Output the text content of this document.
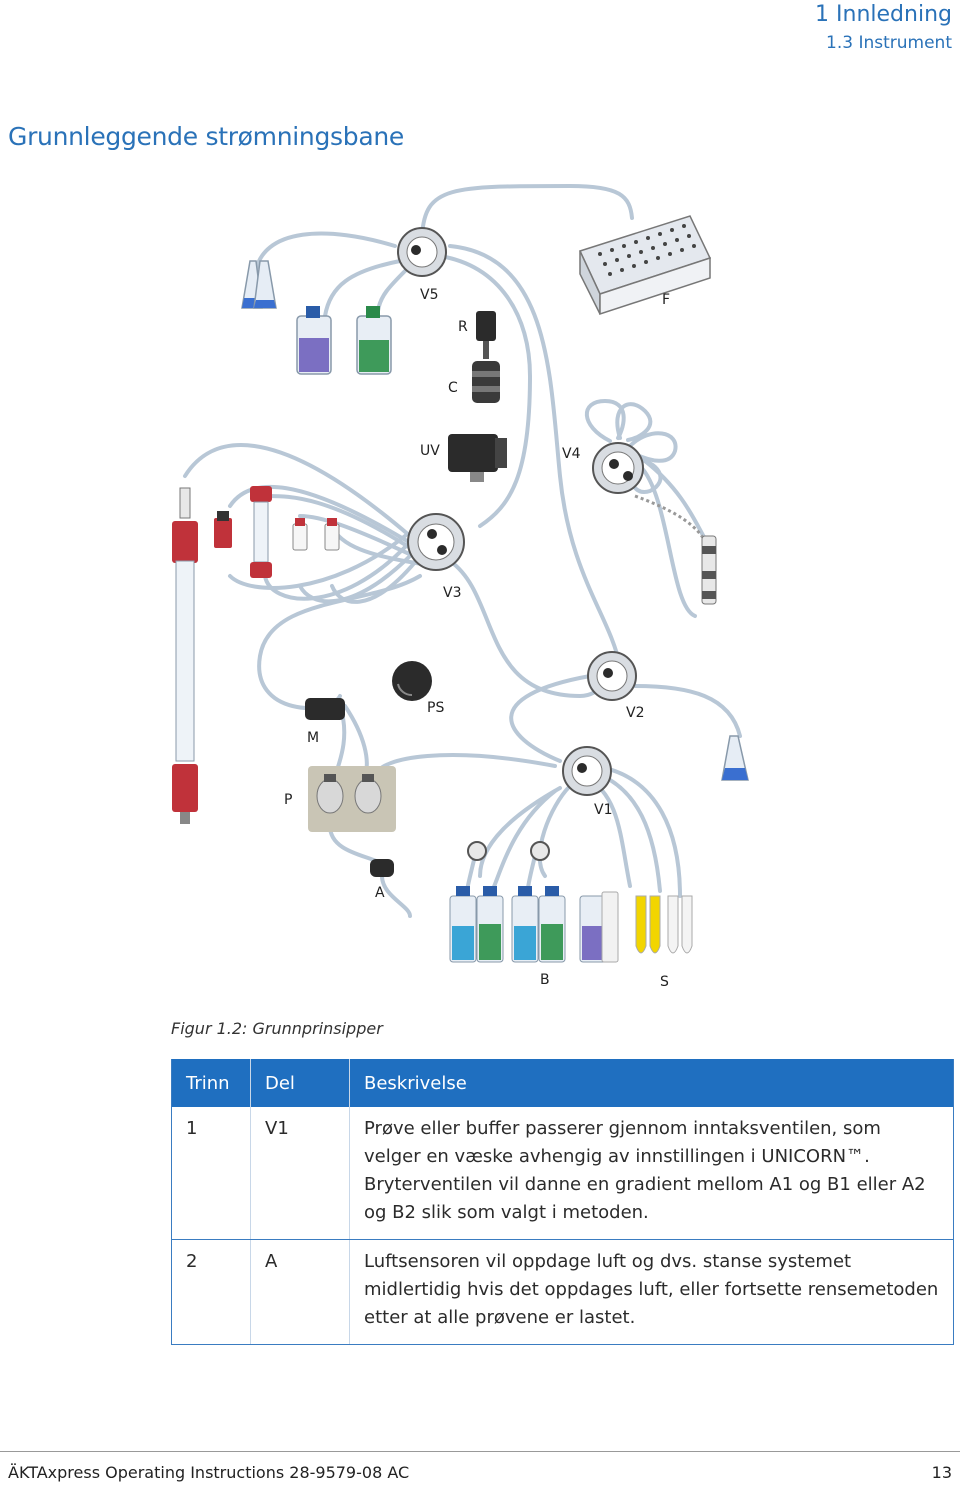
1 Innledning
1.3 Instrument
Grunnleggende strømningsbane
V5
R
F
C
UV	V4
V3
PS
M
V2
P
V1
A
B	S
Figur 1.2: Grunnprinsipper
Trinn	Del	Beskrivelse
1	V1	Prøve eller buffer passerer gjennom inntaksventilen, som velger en væske avhengig av innstillingen i UNICORN™. Bryterventilen vil danne en gradient mellom A1 og B1 eller A2 og B2 slik som valgt i metoden.
2	A	Luftsensoren vil oppdage luft og dvs. stanse systemet midlertidig hvis det oppdages luft, eller fortsette rensemetoden etter at alle prøvene er lastet.
ÄKTAxpress Operating Instructions 28-9579-08 AC	13
